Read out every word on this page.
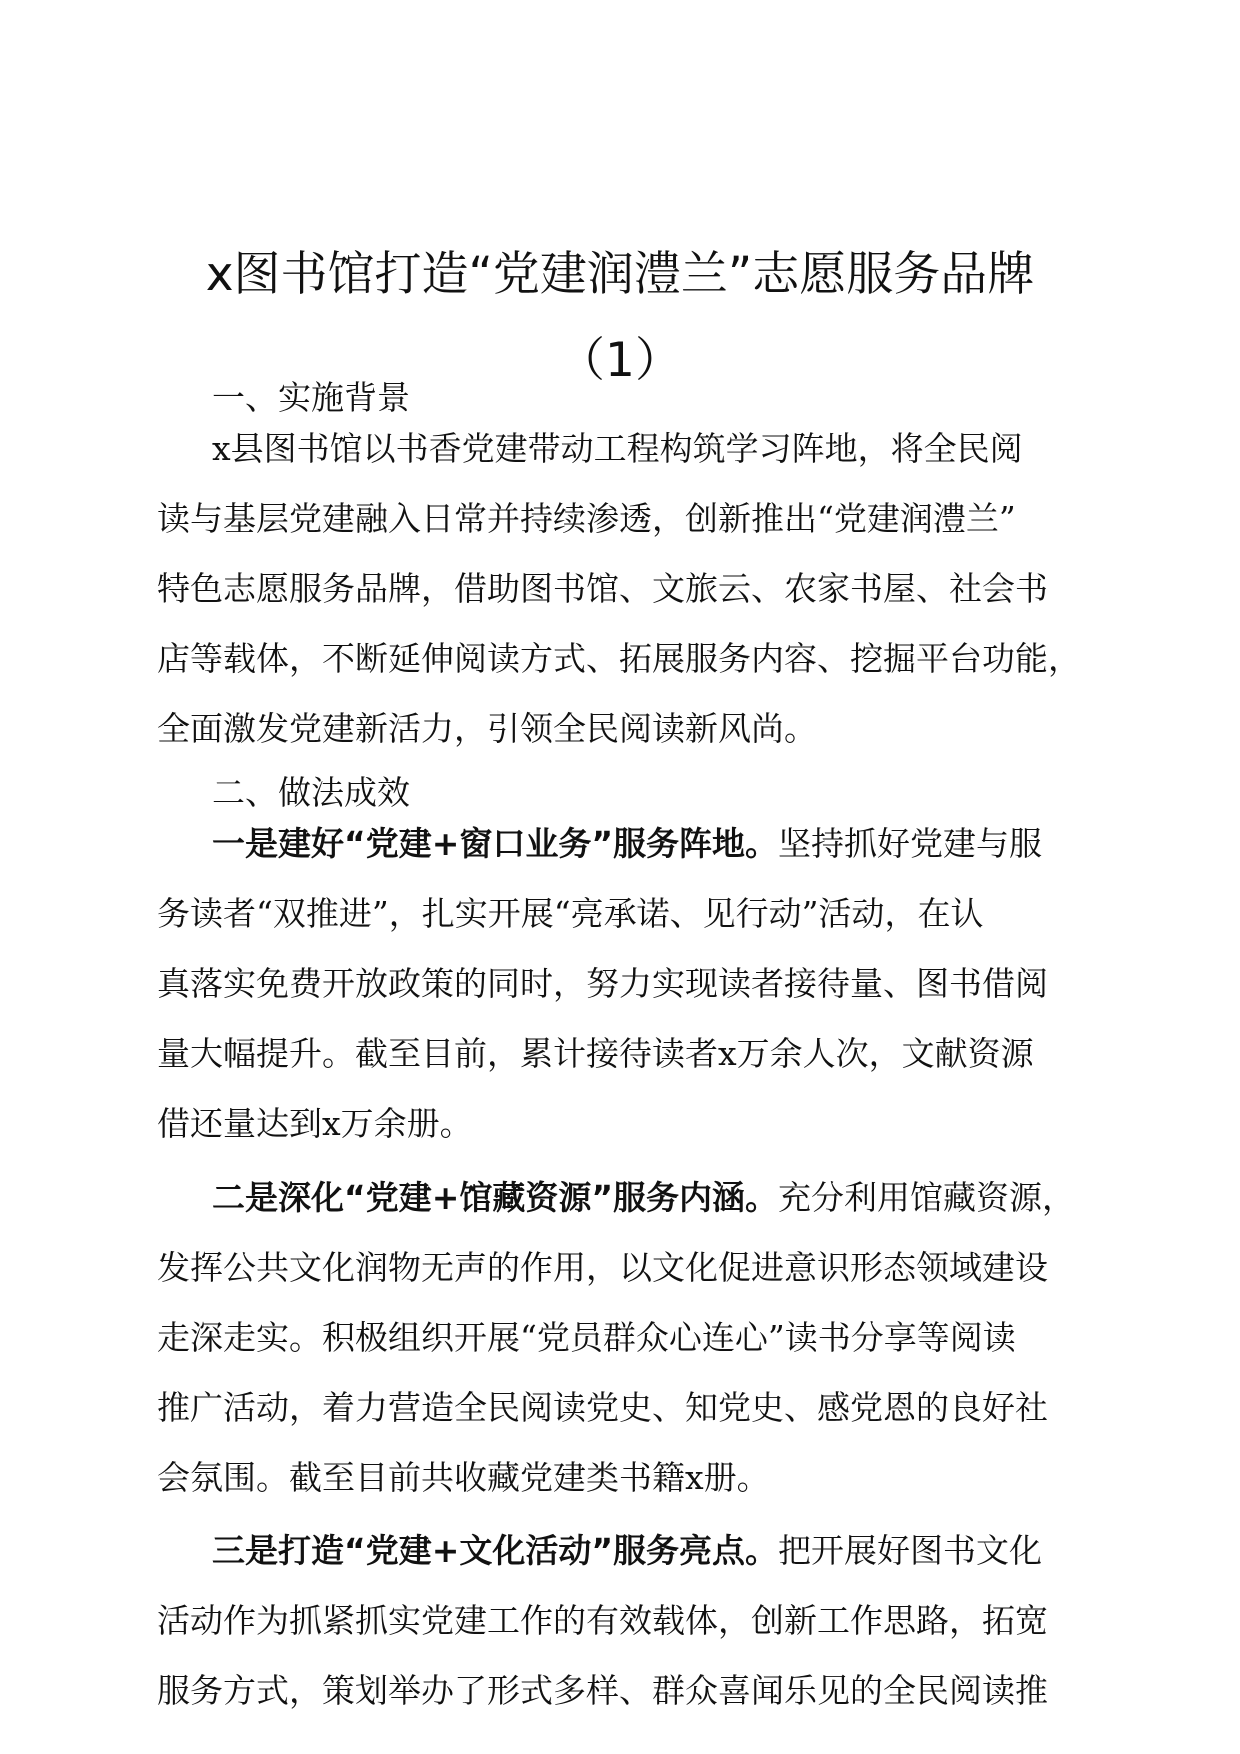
x图书馆打造“党建润澧兰”志愿服务品牌
（1）
一、实施背景
x县图书馆以书香党建带动工程构筑学习阵地，将全民阅
读与基层党建融入日常并持续渗透，创新推出“党建润澧兰”
特色志愿服务品牌，借助图书馆、文旅云、农家书屋、社会书
店等载体，不断延伸阅读方式、拓展服务内容、挖掘平台功能，
全面激发党建新活力，引领全民阅读新风尚。
二、做法成效
一是建好“党建+窗口业务”服务阵地。坚持抓好党建与服
务读者“双推进”，扎实开展“亮承诺、见行动”活动，在认
真落实免费开放政策的同时，努力实现读者接待量、图书借阅
量大幅提升。截至目前，累计接待读者x万余人次，文献资源
借还量达到x万余册。
二是深化“党建+馆藏资源”服务内涵。充分利用馆藏资源，
发挥公共文化润物无声的作用，以文化促进意识形态领域建设
走深走实。积极组织开展“党员群众心连心”读书分享等阅读
推广活动，着力营造全民阅读党史、知党史、感党恩的良好社
会氛围。截至目前共收藏党建类书籍x册。
三是打造“党建+文化活动”服务亮点。把开展好图书文化
活动作为抓紧抓实党建工作的有效载体，创新工作思路，拓宽
服务方式，策划举办了形式多样、群众喜闻乐见的全民阅读推
